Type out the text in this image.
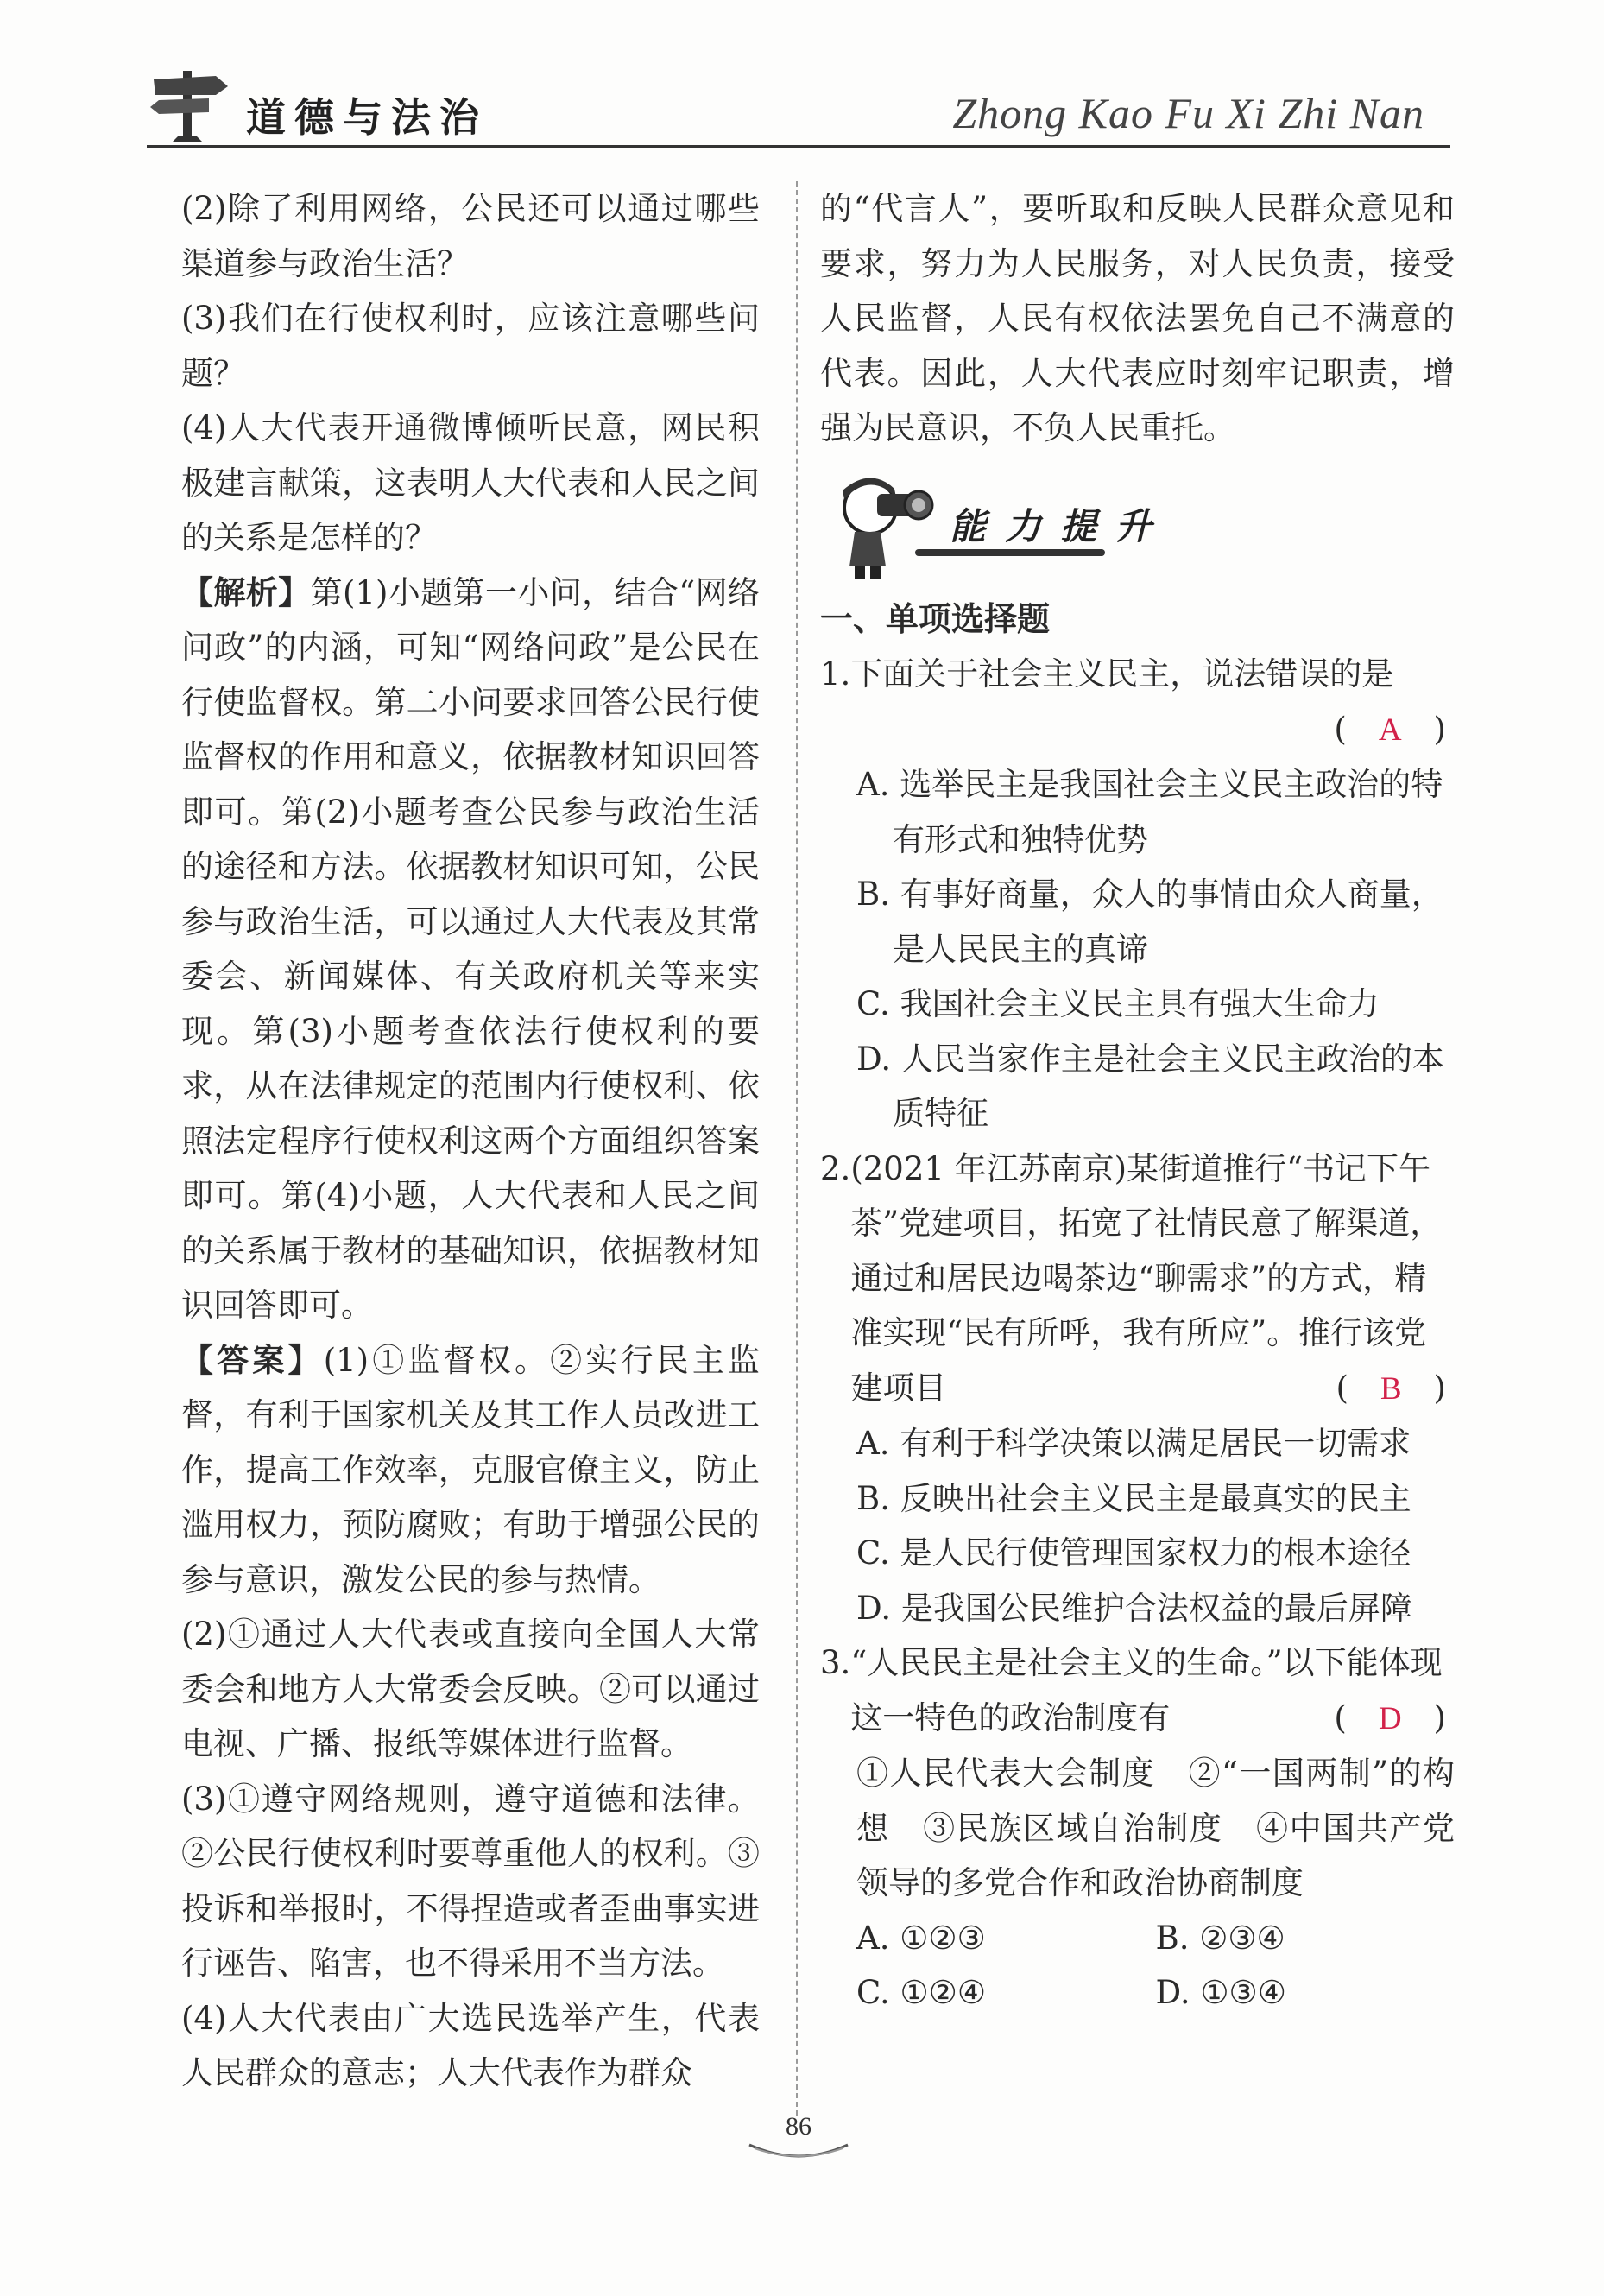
道德与法治	Zhong Kao Fu Xi Zhi Nan

(2)除了利用网络，公民还可以通过哪些渠道参与政治生活？

(3)我们在行使权利时，应该注意哪些问题？

(4)人大代表开通微博倾听民意，网民积极建言献策，这表明人大代表和人民之间的关系是怎样的？

【解析】第(1)小题第一小问，结合“网络问政”的内涵，可知“网络问政”是公民在行使监督权。第二小问要求回答公民行使监督权的作用和意义，依据教材知识回答即可。第(2)小题考查公民参与政治生活的途径和方法。依据教材知识可知，公民参与政治生活，可以通过人大代表及其常委会、新闻媒体、有关政府机关等来实现。第(3)小题考查依法行使权利的要求，从在法律规定的范围内行使权利、依照法定程序行使权利这两个方面组织答案即可。第(4)小题，人大代表和人民之间的关系属于教材的基础知识，依据教材知识回答即可。

【答案】(1)①监督权。②实行民主监督，有利于国家机关及其工作人员改进工作，提高工作效率，克服官僚主义，防止滥用权力，预防腐败；有助于增强公民的参与意识，激发公民的参与热情。

(2)①通过人大代表或直接向全国人大常委会和地方人大常委会反映。②可以通过电视、广播、报纸等媒体进行监督。

(3)①遵守网络规则，遵守道德和法律。②公民行使权利时要尊重他人的权利。③投诉和举报时，不得捏造或者歪曲事实进行诬告、陷害，也不得采用不当方法。

(4)人大代表由广大选民选举产生，代表人民群众的意志；人大代表作为群众

的“代言人”，要听取和反映人民群众意见和要求，努力为人民服务，对人民负责，接受人民监督，人民有权依法罢免自己不满意的代表。因此，人大代表应时刻牢记职责，增强为民意识，不负人民重托。

能力提升
一、单项选择题
1. 下面关于社会主义民主，说法错误的是
(　A　)
A. 选举民主是我国社会主义民主政治的特有形式和独特优势
B. 有事好商量，众人的事情由众人商量，是人民民主的真谛
C. 我国社会主义民主具有强大生命力
D. 人民当家作主是社会主义民主政治的本质特征
2. (2021 年江苏南京)某街道推行“书记下午茶”党建项目，拓宽了社情民意了解渠道，通过和居民边喝茶边“聊需求”的方式，精准实现“民有所呼，我有所应”。推行该党建项目	(　B　)
A. 有利于科学决策以满足居民一切需求
B. 反映出社会主义民主是最真实的民主
C. 是人民行使管理国家权力的根本途径
D. 是我国公民维护合法权益的最后屏障
3. “人民民主是社会主义的生命。”以下能体现这一特色的政治制度有	(　D　)
①人民代表大会制度　②“一国两制”的构想　③民族区域自治制度　④中国共产党领导的多党合作和政治协商制度
A. ①②③	B. ②③④
C. ①②④	D. ①③④
86
